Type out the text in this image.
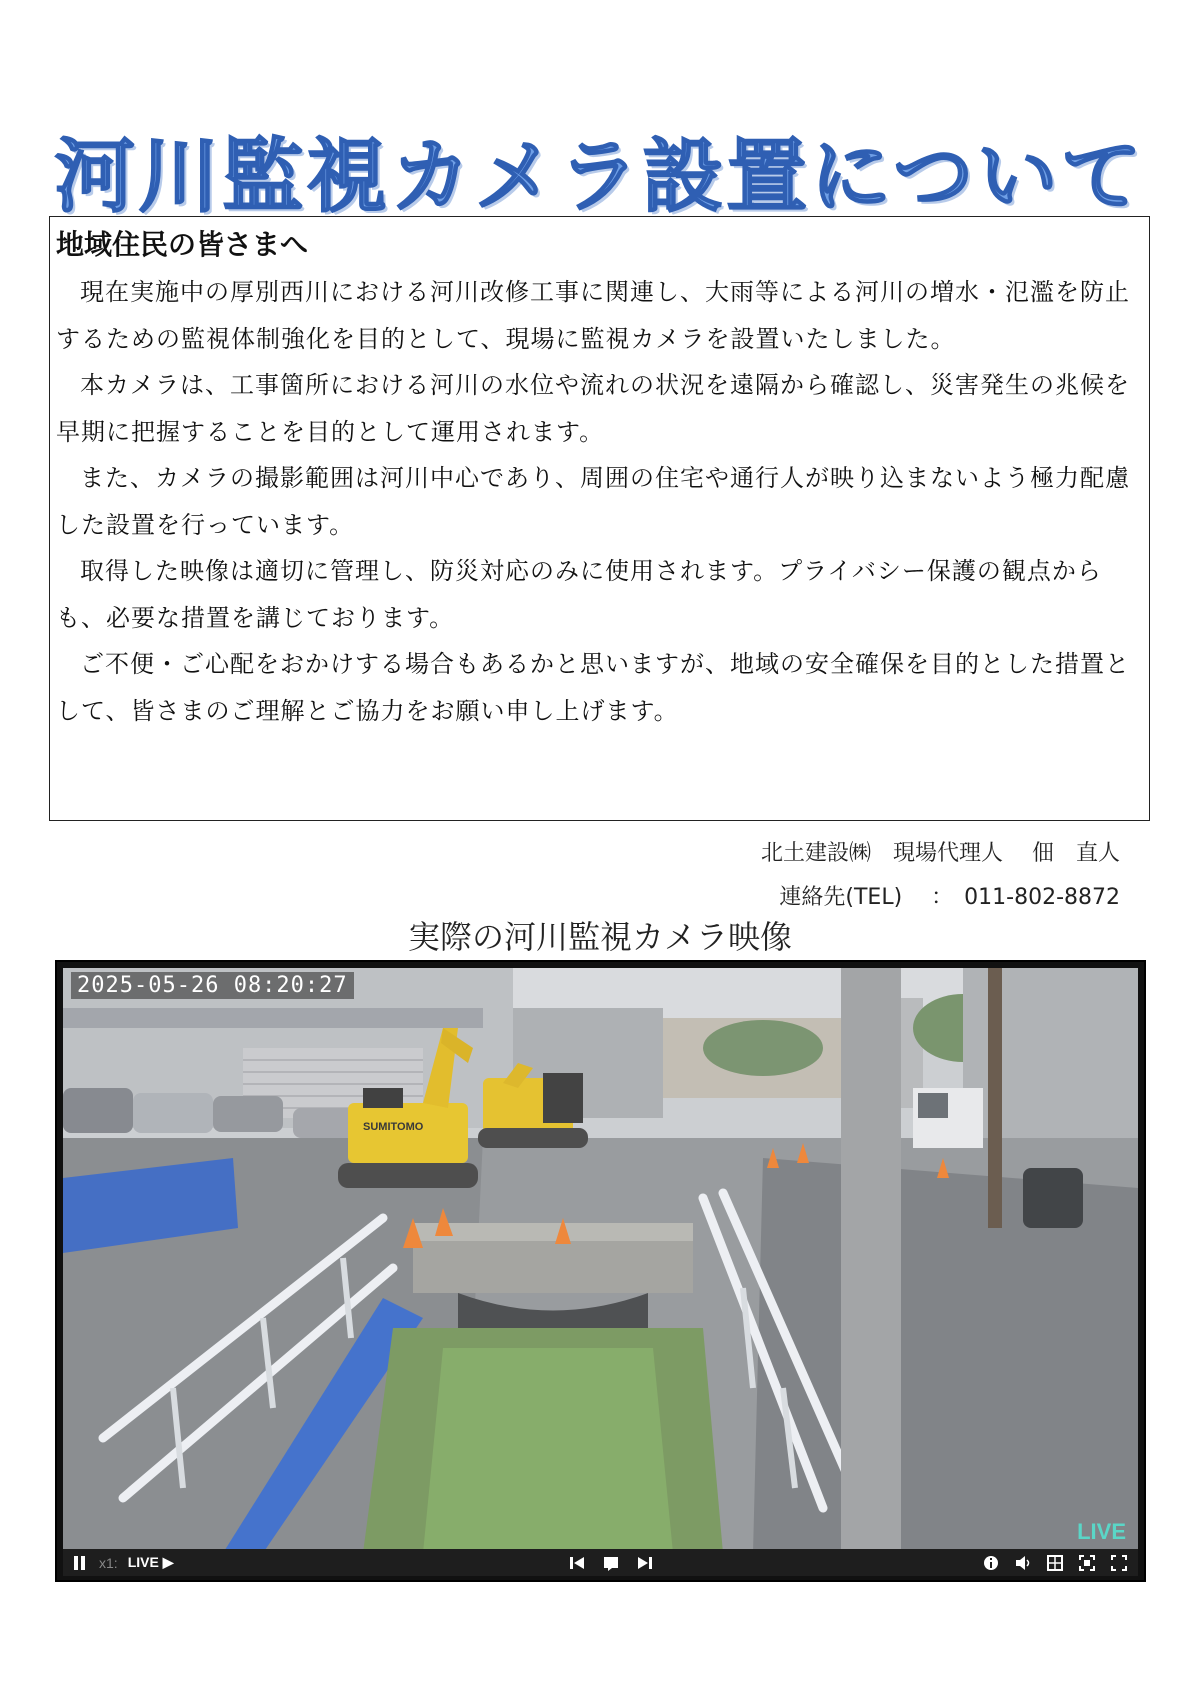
河川監視カメラ設置について
地域住民の皆さまへ

現在実施中の厚別西川における河川改修工事に関連し、大雨等による河川の増水・氾濫を防止するための監視体制強化を目的として、現場に監視カメラを設置いたしました。

本カメラは、工事箇所における河川の水位や流れの状況を遠隔から確認し、災害発生の兆候を早期に把握することを目的として運用されます。

また、カメラの撮影範囲は河川中心であり、周囲の住宅や通行人が映り込まないよう極力配慮した設置を行っています。

取得した映像は適切に管理し、防災対応のみに使用されます。プライバシー保護の観点からも、必要な措置を講じております。

ご不便・ご心配をおかけする場合もあるかと思いますが、地域の安全確保を目的とした措置として、皆さまのご理解とご協力をお願い申し上げます。

北土建設㈱　現場代理人　 佃　直人
連絡先(TEL)　 ：　011-802-8872
実際の河川監視カメラ映像
SUMITOMO
2025-05-26 08:20:27
LIVE
x1: LIVE ▶
